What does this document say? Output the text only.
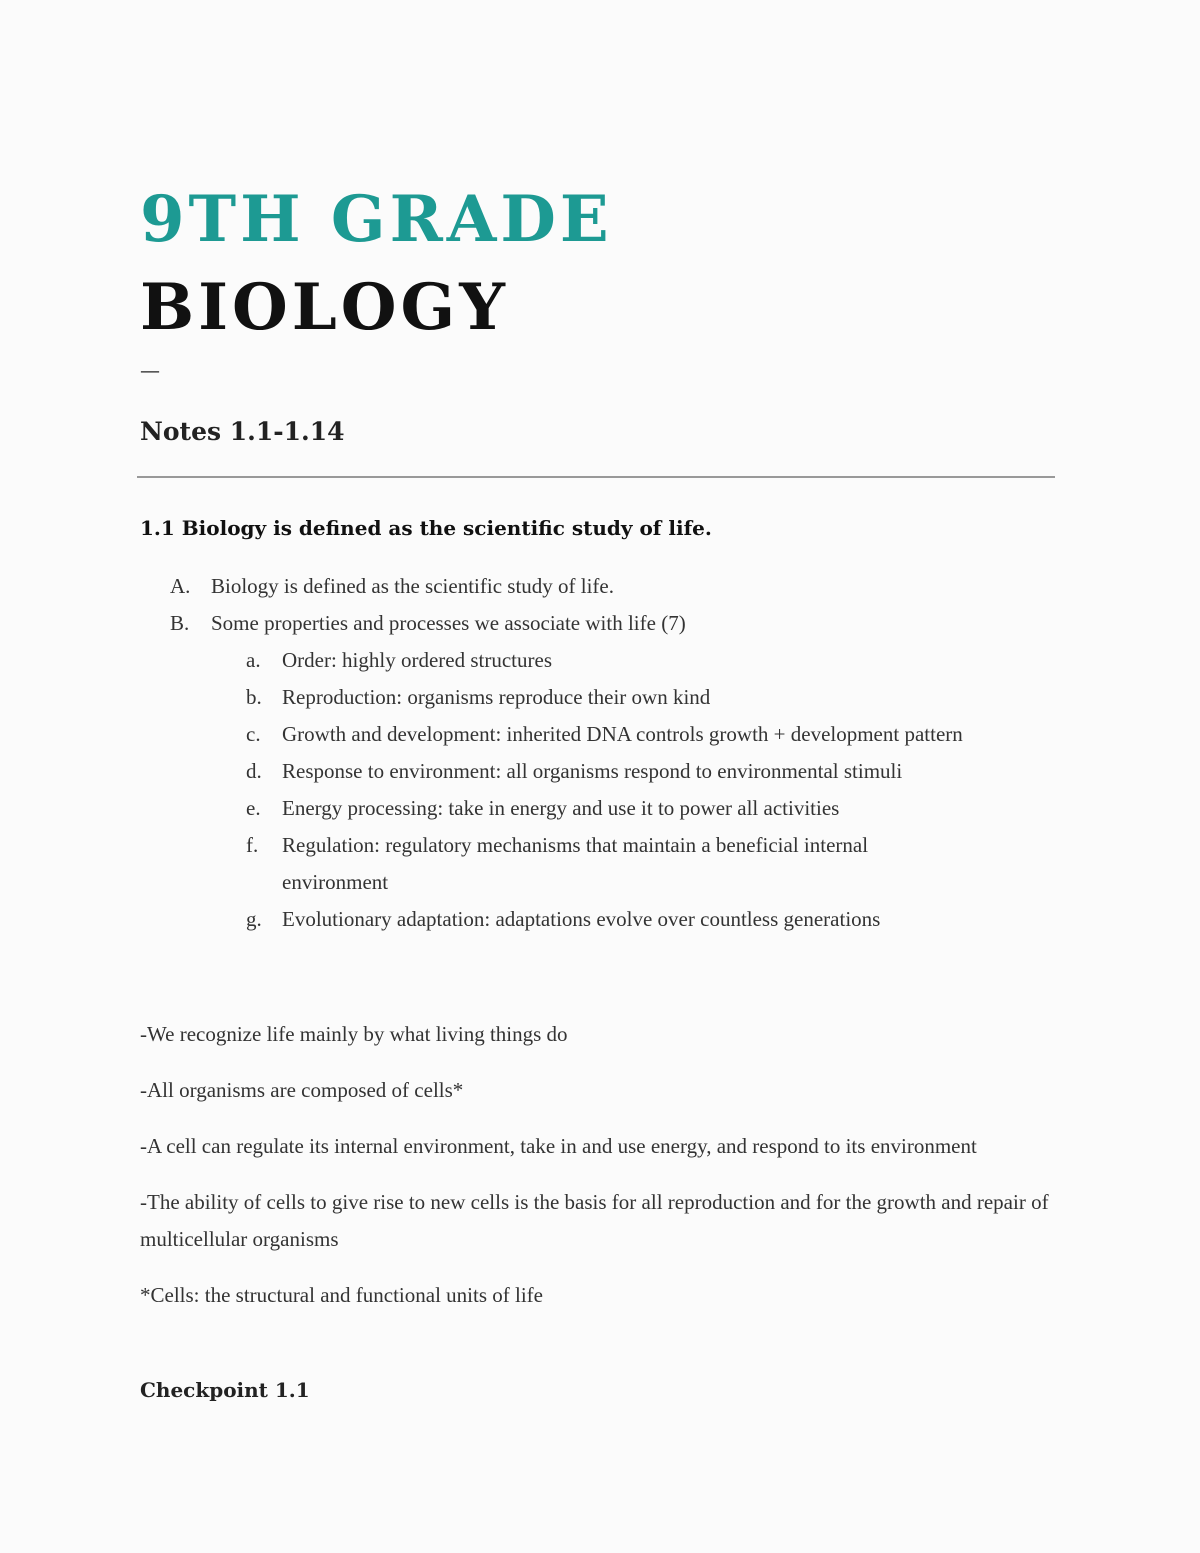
9TH GRADE
BIOLOGY
—
Notes 1.1-1.14
1.1 Biology is defined as the scientific study of life.
A. Biology is defined as the scientific study of life.
B. Some properties and processes we associate with life (7)
a.	Order: highly ordered structures
b. Reproduction: organisms reproduce their own kind
c.	Growth and development: inherited DNA controls growth + development pattern
d. Response to environment: all organisms respond to environmental stimuli
e.	Energy processing: take in energy and use it to power all activities
f.	Regulation: regulatory mechanisms that maintain a beneficial internal
environment
g. Evolutionary adaptation: adaptations evolve over countless generations
-We recognize life mainly by what living things do
-All organisms are composed of cells*
-A cell can regulate its internal environment, take in and use energy, and respond to its environment
-The ability of cells to give rise to new cells is the basis for all reproduction and for the growth and repair of multicellular organisms
*Cells: the structural and functional units of life
Checkpoint 1.1
